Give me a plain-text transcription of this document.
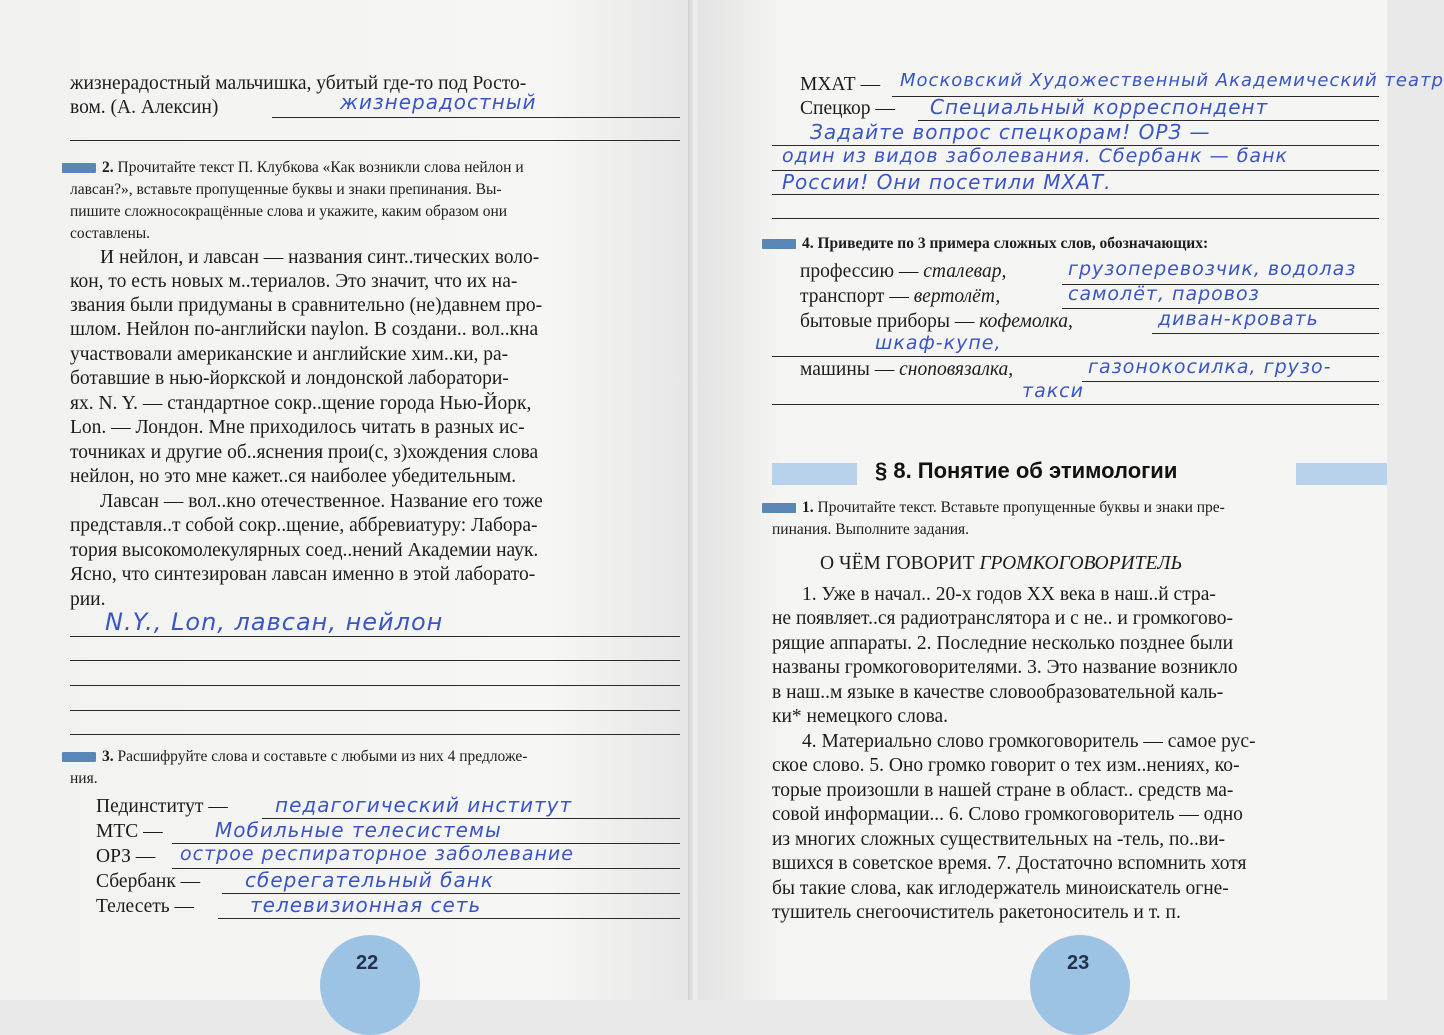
жизнерадостный мальчишка, убитый где-то под Росто-
вом. (А. Алексин)	жизнерадостный
2. Прочитайте текст П. Клубкова «Как возникли слова нейлон и
лавсан?», вставьте пропущенные буквы и знаки препинания. Вы-
пишите сложносокращённые слова и укажите, каким образом они
составлены.
И нейлон, и лавсан — названия синт..тических воло-
кон, то есть новых м..териалов. Это значит, что их на-
звания были придуманы в сравнительно (не)давнем про-
шлом. Нейлон по-английски naylon. В создани.. вол..кна
участвовали американские и английские хим..ки, ра-
ботавшие в нью-йоркской и лондонской лаборатори-
ях. N. Y. — стандартное сокр..щение города Нью-Йорк,
Lon. — Лондон. Мне приходилось читать в разных ис-
точниках и другие об..яснения прои(с, з)хождения слова
нейлон, но это мне кажет..ся наиболее убедительным.
Лавсан — вол..кно отечественное. Название его тоже
представля..т собой сокр..щение, аббревиатуру: Лабора-
тория высокомолекулярных соед..нений Академии наук.
Ясно, что синтезирован лавсан именно в этой лаборато-
рии.
N.Y., Lon, лавсан, нейлон
3. Расшифруйте слова и составьте с любыми из них 4 предложе-
ния.
Пединститут — педагогический институт
МТС —	Мобильные телесистемы
ОРЗ — острое респираторное заболевание
Сбербанк — сберегательный банк
Телесеть —	телевизионная сеть
22
МХАТ — Московский Художественный Академический театр
Спецкор — Специальный корреспондент
Задайте вопрос спецкорам! ОРЗ —
один из видов заболевания. Сбербанк — банк
России! Они посетили МХАТ.
4. Приведите по 3 примера сложных слов, обозначающих:
профессию — сталевар,	грузоперевозчик, водолаз
транспорт — вертолёт,	самолёт, паровоз
бытовые приборы — кофемолка,	диван-кровать
шкаф-купе,
машины — сноповязалка,	газонокосилка, грузо-
такси
§ 8. Понятие об этимологии
1. Прочитайте текст. Вставьте пропущенные буквы и знаки пре-
пинания. Выполните задания.
О ЧЁМ ГОВОРИТ ГРОМКОГОВОРИТЕЛЬ
1. Уже в начал.. 20-х годов XX века в наш..й стра-
не появляет..ся радиотранслятора и с не.. и громкогово-
рящие аппараты. 2. Последние несколько позднее были
названы громкоговорителями. 3. Это название возникло
в наш..м языке в качестве словообразовательной каль-
ки* немецкого слова.
4. Материально слово громкоговоритель — самое рус-
ское слово. 5. Оно громко говорит о тех изм..нениях, ко-
торые произошли в нашей стране в област.. средств ма-
совой информации... 6. Слово громкоговоритель — одно
из многих сложных существительных на -тель, по..ви-
вшихся в советское время. 7. Достаточно вспомнить хотя
бы такие слова, как иглодержатель миноискатель огне-
тушитель снегоочиститель ракетоноситель и т. п.
23
